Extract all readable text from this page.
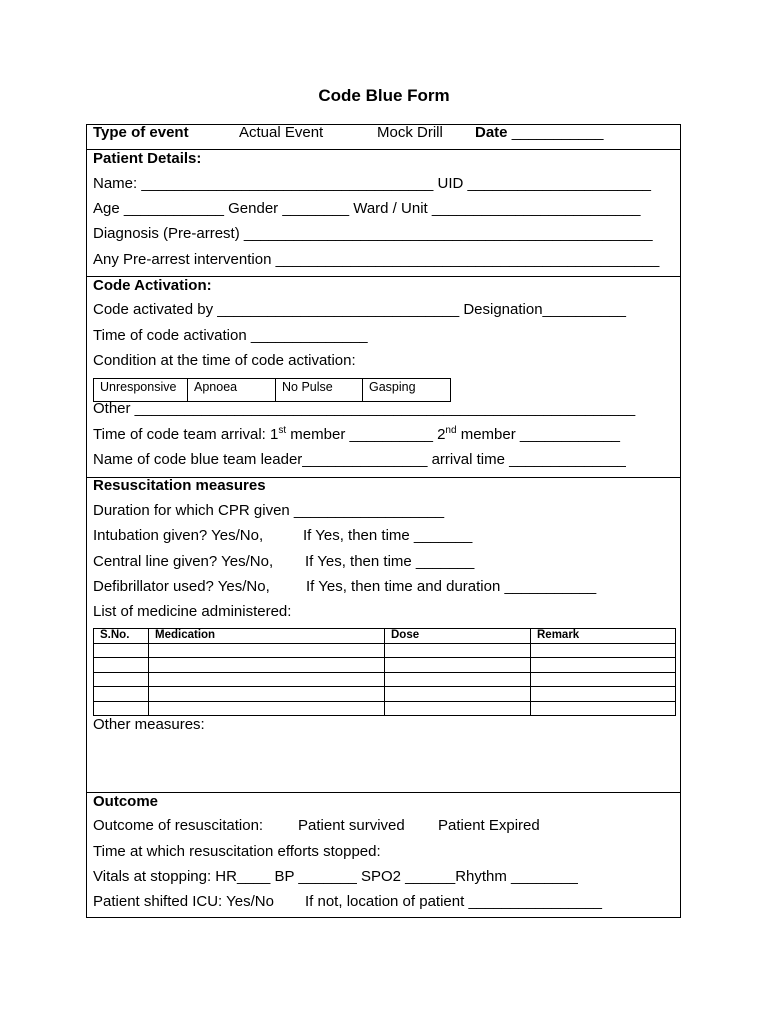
Code Blue Form
Type of event	Actual Event	Mock Drill Date ___________
Patient Details:
Name: ___________________________________ UID ______________________
Age ____________ Gender ________ Ward / Unit _________________________
Diagnosis (Pre-arrest) _________________________________________________
Any Pre-arrest intervention ______________________________________________
Code Activation:
Code activated by _____________________________ Designation__________
Time of code activation ______________
Condition at the time of code activation:
Unresponsive	Apnoea	No Pulse	Gasping
Other ____________________________________________________________
Time of code team arrival: 1st member __________ 2nd member ____________
Name of code blue team leader_______________ arrival time ______________
Resuscitation measures
Duration for which CPR given __________________
Intubation given? Yes/No,	If Yes, then time _______
Central line given? Yes/No, If Yes, then time _______
Defibrillator used? Yes/No, If Yes, then time and duration ___________
List of medicine administered:
S.No.	Medication	Dose	Remark

Other measures:
Outcome
Outcome of resuscitation: Patient survived Patient Expired
Time at which resuscitation efforts stopped:
Vitals at stopping: HR____ BP _______ SPO2 ______Rhythm ________
Patient shifted ICU: Yes/No If not, location of patient ________________
